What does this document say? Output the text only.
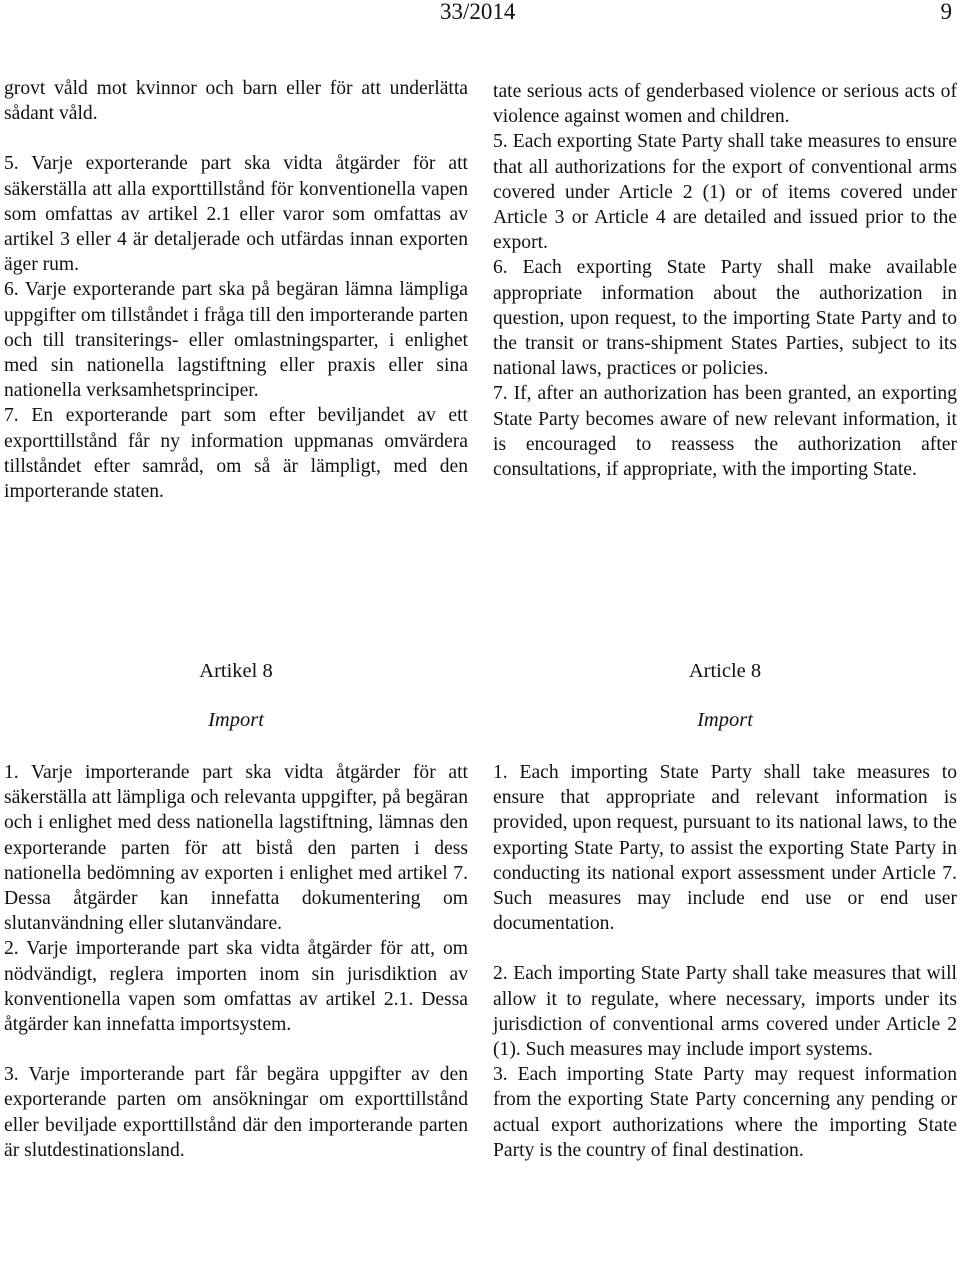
33/2014	9

grovt våld mot kvinnor och barn eller för att underlätta sådant våld.

5. Varje exporterande part ska vidta åtgärder för att säkerställa att alla exporttillstånd för konventionella vapen som omfattas av artikel 2.1 eller varor som omfattas av artikel 3 eller 4 är detaljerade och utfärdas innan exporten äger rum.

6. Varje exporterande part ska på begäran lämna lämpliga uppgifter om tillståndet i fråga till den importerande parten och till transiterings- eller omlastningsparter, i enlighet med sin nationella lagstiftning eller praxis eller sina nationella verksamhetsprinciper.

7. En exporterande part som efter beviljandet av ett exporttillstånd får ny information uppmanas omvärdera tillståndet efter samråd, om så är lämpligt, med den importerande staten.

Artikel 8

Import

1. Varje importerande part ska vidta åtgärder för att säkerställa att lämpliga och relevanta uppgifter, på begäran och i enlighet med dess nationella lagstiftning, lämnas den exporterande parten för att bistå den parten i dess nationella bedömning av exporten i enlighet med artikel 7. Dessa åtgärder kan innefatta dokumentering om slutanvändning eller slutanvändare.

2. Varje importerande part ska vidta åtgärder för att, om nödvändigt, reglera importen inom sin jurisdiktion av konventionella vapen som omfattas av artikel 2.1. Dessa åtgärder kan innefatta importsystem.

3. Varje importerande part får begära uppgifter av den exporterande parten om ansökningar om exporttillstånd eller beviljade exporttillstånd där den importerande parten är slutdestinationsland.

tate serious acts of genderbased violence or serious acts of violence against women and children.

5. Each exporting State Party shall take measures to ensure that all authorizations for the export of conventional arms covered under Article 2 (1) or of items covered under Article 3 or Article 4 are detailed and issued prior to the export.

6. Each exporting State Party shall make available appropriate information about the authorization in question, upon request, to the importing State Party and to the transit or trans-shipment States Parties, subject to its national laws, practices or policies.

7. If, after an authorization has been granted, an exporting State Party becomes aware of new relevant information, it is encouraged to reassess the authorization after consultations, if appropriate, with the importing State.

Article 8

Import

1. Each importing State Party shall take measures to ensure that appropriate and relevant information is provided, upon request, pursuant to its national laws, to the exporting State Party, to assist the exporting State Party in conducting its national export assessment under Article 7. Such measures may include end use or end user documentation.

2. Each importing State Party shall take measures that will allow it to regulate, where necessary, imports under its jurisdiction of conventional arms covered under Article 2 (1). Such measures may include import systems.

3. Each importing State Party may request information from the exporting State Party concerning any pending or actual export authorizations where the importing State Party is the country of final destination.
